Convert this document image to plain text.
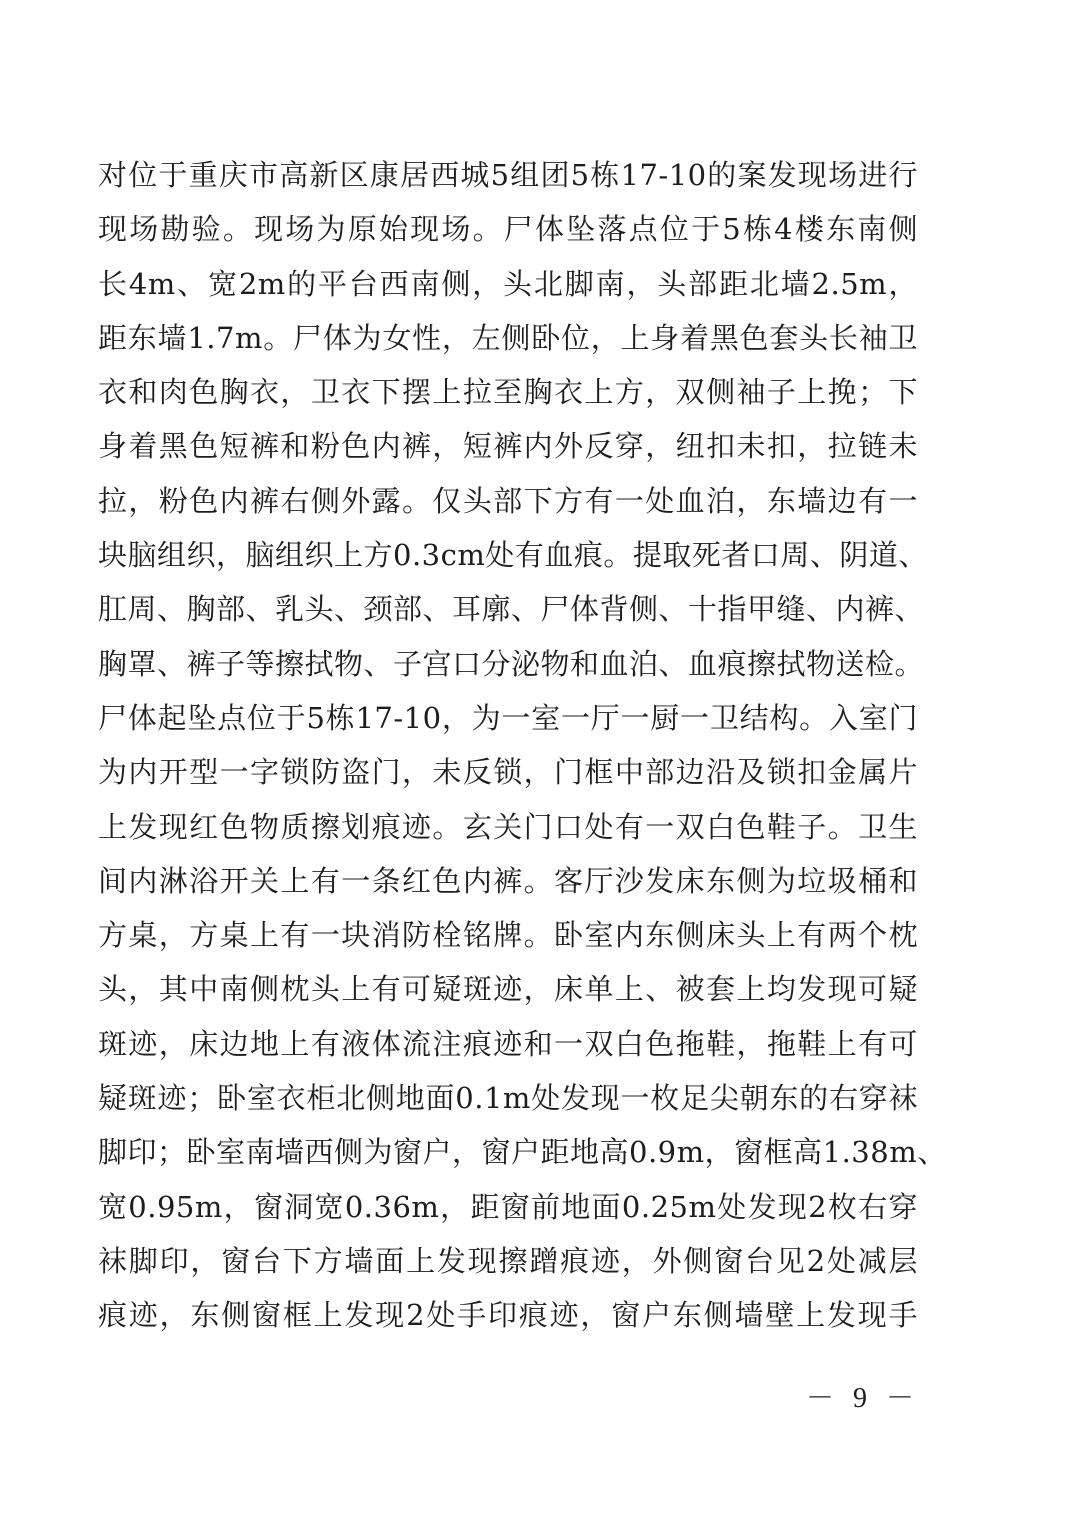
对位于重庆市高新区康居西城5组团5栋17-10的案发现场进行
现场勘验。现场为原始现场。尸体坠落点位于5栋4楼东南侧
长4m、宽2m的平台西南侧，头北脚南，头部距北墙2.5m，
距东墙1.7m。尸体为女性，左侧卧位，上身着黑色套头长袖卫
衣和肉色胸衣，卫衣下摆上拉至胸衣上方，双侧袖子上挽；下
身着黑色短裤和粉色内裤，短裤内外反穿，纽扣未扣，拉链未
拉，粉色内裤右侧外露。仅头部下方有一处血泊，东墙边有一
块脑组织，脑组织上方0.3cm处有血痕。提取死者口周、阴道、
肛周、胸部、乳头、颈部、耳廓、尸体背侧、十指甲缝、内裤、
胸罩、裤子等擦拭物、子宫口分泌物和血泊、血痕擦拭物送检。
尸体起坠点位于5栋17-10，为一室一厅一厨一卫结构。入室门
为内开型一字锁防盗门，未反锁，门框中部边沿及锁扣金属片
上发现红色物质擦划痕迹。玄关门口处有一双白色鞋子。卫生
间内淋浴开关上有一条红色内裤。客厅沙发床东侧为垃圾桶和
方桌，方桌上有一块消防栓铭牌。卧室内东侧床头上有两个枕
头，其中南侧枕头上有可疑斑迹，床单上、被套上均发现可疑
斑迹，床边地上有液体流注痕迹和一双白色拖鞋，拖鞋上有可
疑斑迹；卧室衣柜北侧地面0.1m处发现一枚足尖朝东的右穿袜
脚印；卧室南墙西侧为窗户，窗户距地高0.9m，窗框高1.38m、
宽0.95m，窗洞宽0.36m，距窗前地面0.25m处发现2枚右穿
袜脚印，窗台下方墙面上发现擦蹭痕迹，外侧窗台见2处减层
痕迹，东侧窗框上发现2处手印痕迹，窗户东侧墙壁上发现手
－ 9 －
